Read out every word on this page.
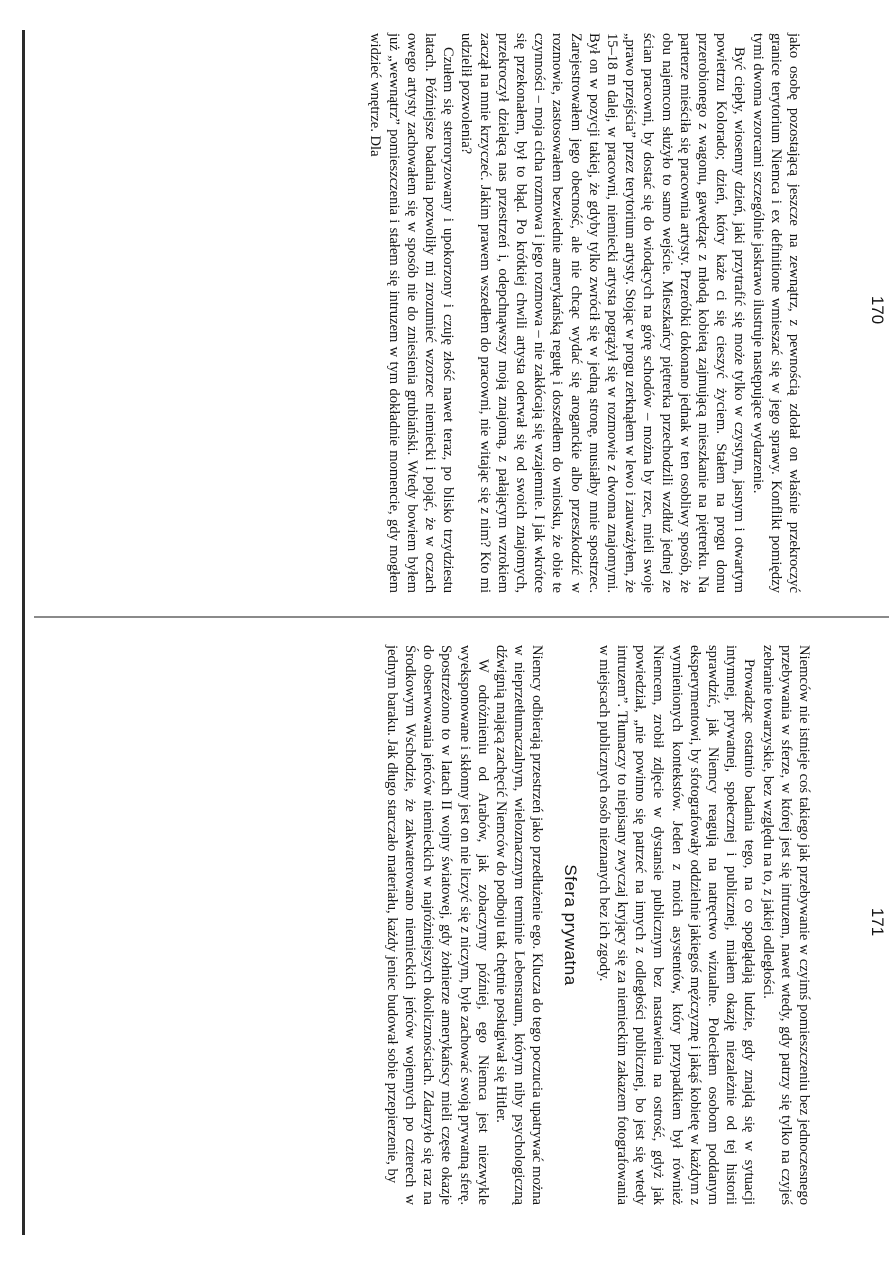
170

jako osobę pozostającą jeszcze na zewnątrz, z pewnością zdołał on właśnie przekroczyć granice terytorium Niemca i ex definitione wmieszać się w jego sprawy. Konflikt pomiędzy tymi dwoma wzorcami szczególnie jaskrawo ilustruje następujące wydarzenie.

Być ciepły, wiosenny dzień, jaki przytrafić się może tylko w czystym, jasnym i otwartym powietrzu Kolorado; dzień, który każe ci się cieszyć życiem. Stałem na progu domu przerobionego z wagonu, gawędząc z młodą kobietą zajmującą mieszkanie na piętrerku. Na parterze mieściła się pracownia artysty. Przeróbki dokonano jednak w ten osobliwy sposób, że obu najemcom służyło to samo wejście. Mieszkańcy piętrerka przechodzili wzdłuż jednej ze ścian pracowni, by dostać się do wiodących na górę schodów – można by rzec, mieli swoje „prawo przejścia” przez terytorium artysty. Stojąc w progu zerknąłem w lewo i zauważyłem, że 15–18 m dalej, w pracowni, niemiecki artysta pogrążył się w rozmowie z dwoma znajomymi. Był on w pozycji takiej, że gdyby tylko zwrócił się w jedną stronę, musiałby mnie spostrzec. Zarejestrowałem jego obecność, ale nie chcąc wydać się aroganckie albo przeszkodzić w rozmowie, zastosowałem bezwiednie amerykańską regułę i doszedłem do wniosku, że obie te czynności – moja cicha rozmowa i jego rozmowa – nie zakłócają się wzajemnie. I jak wkrótce się przekonałem, był to błąd. Po krótkiej chwili artysta oderwał się od swoich znajomych, przekroczył dzielącą nas przestrzeń i, odepchnąwszy moją znajomą, z pałającym wzrokiem zaczął na mnie krzyczeć. Jakim prawem wszedłem do pracowni, nie witając się z nim? Kto mi udzielił pozwolenia?

Czułem się sterroryzowany i upokorzony i czuję złość nawet teraz, po blisko trzydziestu latach. Późniejsze badania pozwoliły mi zrozumieć wzorzec niemiecki i pojąć, że w oczach owego artysty zachowałem się w sposób nie do zniesienia grubiański. Wtedy bowiem byłem już „wewnątrz” pomieszczenia i stałem się intruzem w tym dokładnie momencie, gdy mogłem widzieć wnętrze. Dla

171

Niemców nie istnieje coś takiego jak przebywanie w czyimś pomieszczeniu bez jednoczesnego przebywania w sferze, w której jest się intruzem, nawet wtedy, gdy patrzy się tylko na czyjeś zebranie towarzyskie, bez względu na to, z jakiej odległości.

Prowadząc ostatnio badania tego, na co spoglądają ludzie, gdy znajdą się w sytuacji intymnej, prywatnej, społecznej i publicznej, miałem okazję niezależnie od tej historii sprawdzić, jak Niemcy reagują na natręctwo wizualne. Poleciłem osobom poddanym eksperymentowi, by sfotografowały oddzielnie jakiegoś mężczyznę i jakąś kobietę w każdym z wymienionych kontekstów. Jeden z moich asystentów, który przypadkiem był również Niemcem, zrobił zdjęcie w dystansie publicznym bez nastawienia na ostrość, gdyż jak powiedział, „nie powinno się patrzeć na innych z odległości publicznej, bo jest się wtedy intruzem”. Tłumaczy to niepisany zwyczaj kryjący się za niemieckim zakazem fotografowania w miejscach publicznych osób nieznanych bez ich zgody.

Sfera prywatna

Niemcy odbierają przestrzeń jako przedłużenie ego. Klucza do tego poczucia upatrywać można w nieprzetłumaczalnym, wieloznacznym terminie Lebensraum, którym niby psychologiczną dźwignią mającą zachęcić Niemców do podboju tak chętnie posługiwał się Hitler.

W odróżnieniu od Arabów, jak zobaczymy później, ego Niemca jest niezwykle wyeksponowane i skłonny jest on nie liczyć się z niczym, byle zachować swoją prywatną sferę. Spostrzeżono to w latach II wojny światowej, gdy żołnierze amerykańscy mieli częste okazje do obserwowania jeńców niemieckich w najróżniejszych okolicznościach. Zdarzyło się raz na Środkowym Wschodzie, że zakwaterowano niemieckich jeńców wojennych po czterech w jednym baraku. Jak długo starczało materiału, każdy jeniec budował sobie przepierzenie, by
